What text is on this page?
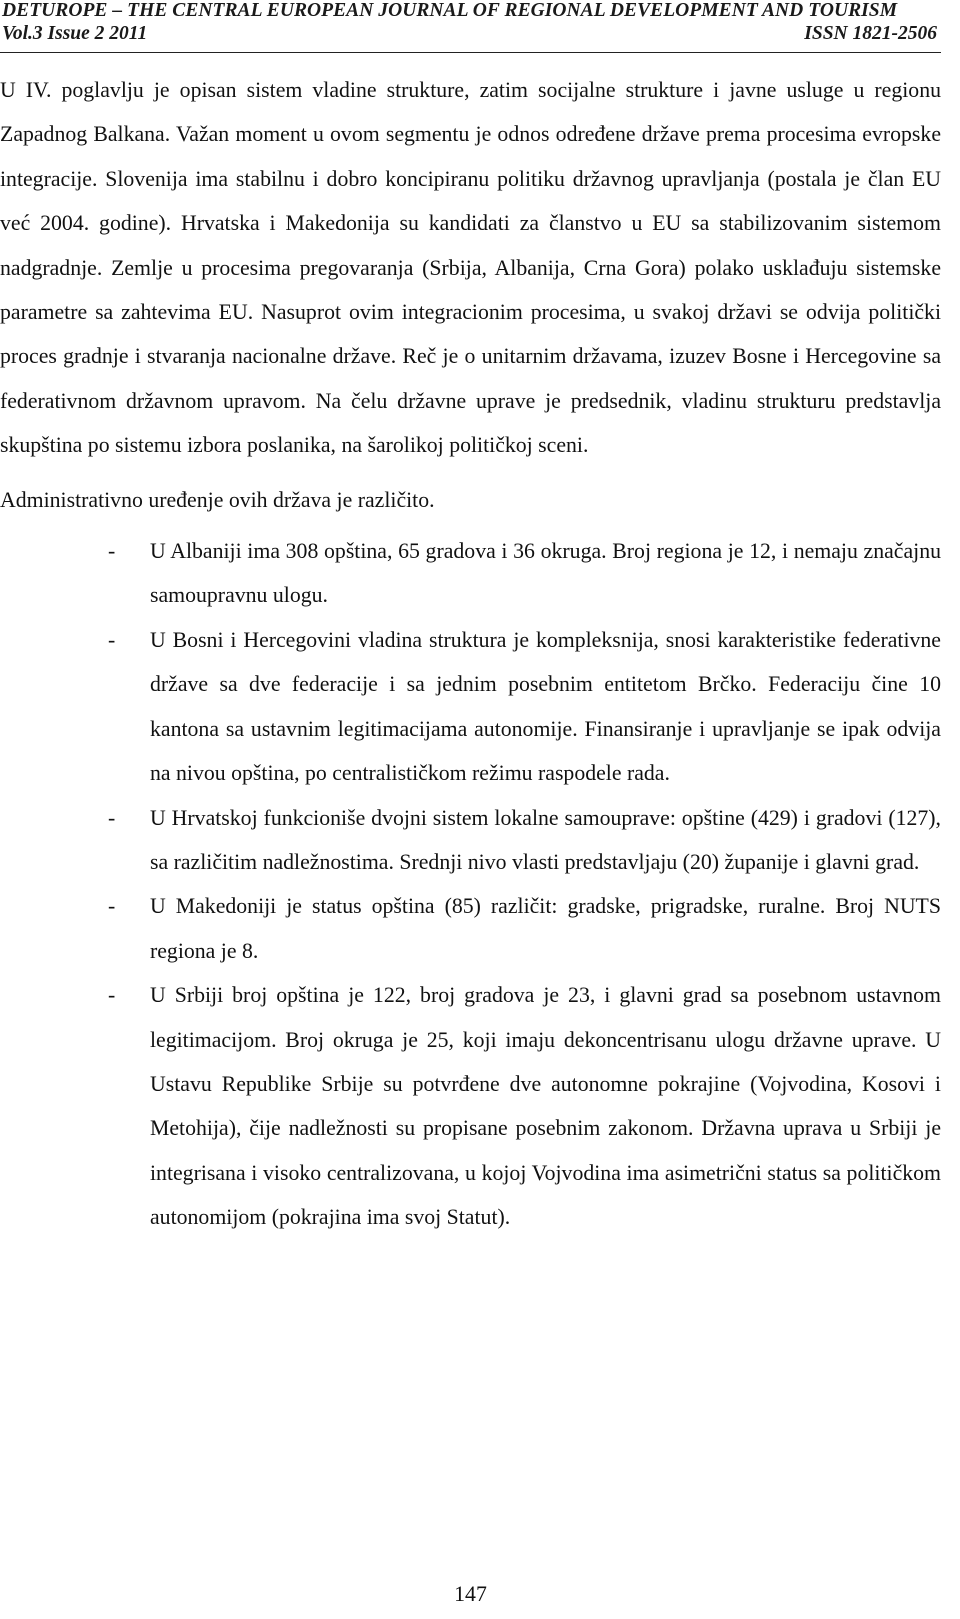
DETUROPE – THE CENTRAL EUROPEAN JOURNAL OF REGIONAL DEVELOPMENT AND TOURISM
Vol.3 Issue 2 2011	ISSN 1821-2506

U IV. poglavlju je opisan sistem vladine strukture, zatim socijalne strukture i javne usluge u regionu Zapadnog Balkana. Važan moment u ovom segmentu je odnos određene države prema procesima evropske integracije. Slovenija ima stabilnu i dobro koncipiranu politiku državnog upravljanja (postala je član EU već 2004. godine). Hrvatska i Makedonija su kandidati za članstvo u EU sa stabilizovanim sistemom nadgradnje. Zemlje u procesima pregovaranja (Srbija, Albanija, Crna Gora) polako usklađuju sistemske parametre sa zahtevima EU. Nasuprot ovim integracionim procesima, u svakoj državi se odvija politički proces gradnje i stvaranja nacionalne države. Reč je o unitarnim državama, izuzev Bosne i Hercegovine sa federativnom državnom upravom. Na čelu državne uprave je predsednik, vladinu strukturu predstavlja skupština po sistemu izbora poslanika, na šarolikoj političkoj sceni.

Administrativno uređenje ovih država je različito.

- U Albaniji ima 308 opština, 65 gradova i 36 okruga. Broj regiona je 12, i nemaju značajnu samoupravnu ulogu.
- U Bosni i Hercegovini vladina struktura je kompleksnija, snosi karakteristike federativne države sa dve federacije i sa jednim posebnim entitetom Brčko. Federaciju čine 10 kantona sa ustavnim legitimacijama autonomije. Finansiranje i upravljanje se ipak odvija na nivou opština, po centralističkom režimu raspodele rada.
- U Hrvatskoj funkcioniše dvojni sistem lokalne samouprave: opštine (429) i gradovi (127), sa različitim nadležnostima. Srednji nivo vlasti predstavljaju (20) županije i glavni grad.
- U Makedoniji je status opština (85) različit: gradske, prigradske, ruralne. Broj NUTS regiona je 8.
- U Srbiji broj opština je 122, broj gradova je 23, i glavni grad sa posebnom ustavnom legitimacijom. Broj okruga je 25, koji imaju dekoncentrisanu ulogu državne uprave. U Ustavu Republike Srbije su potvrđene dve autonomne pokrajine (Vojvodina, Kosovi i Metohija), čije nadležnosti su propisane posebnim zakonom. Državna uprava u Srbiji je integrisana i visoko centralizovana, u kojoj Vojvodina ima asimetrični status sa političkom autonomijom (pokrajina ima svoj Statut).
147
